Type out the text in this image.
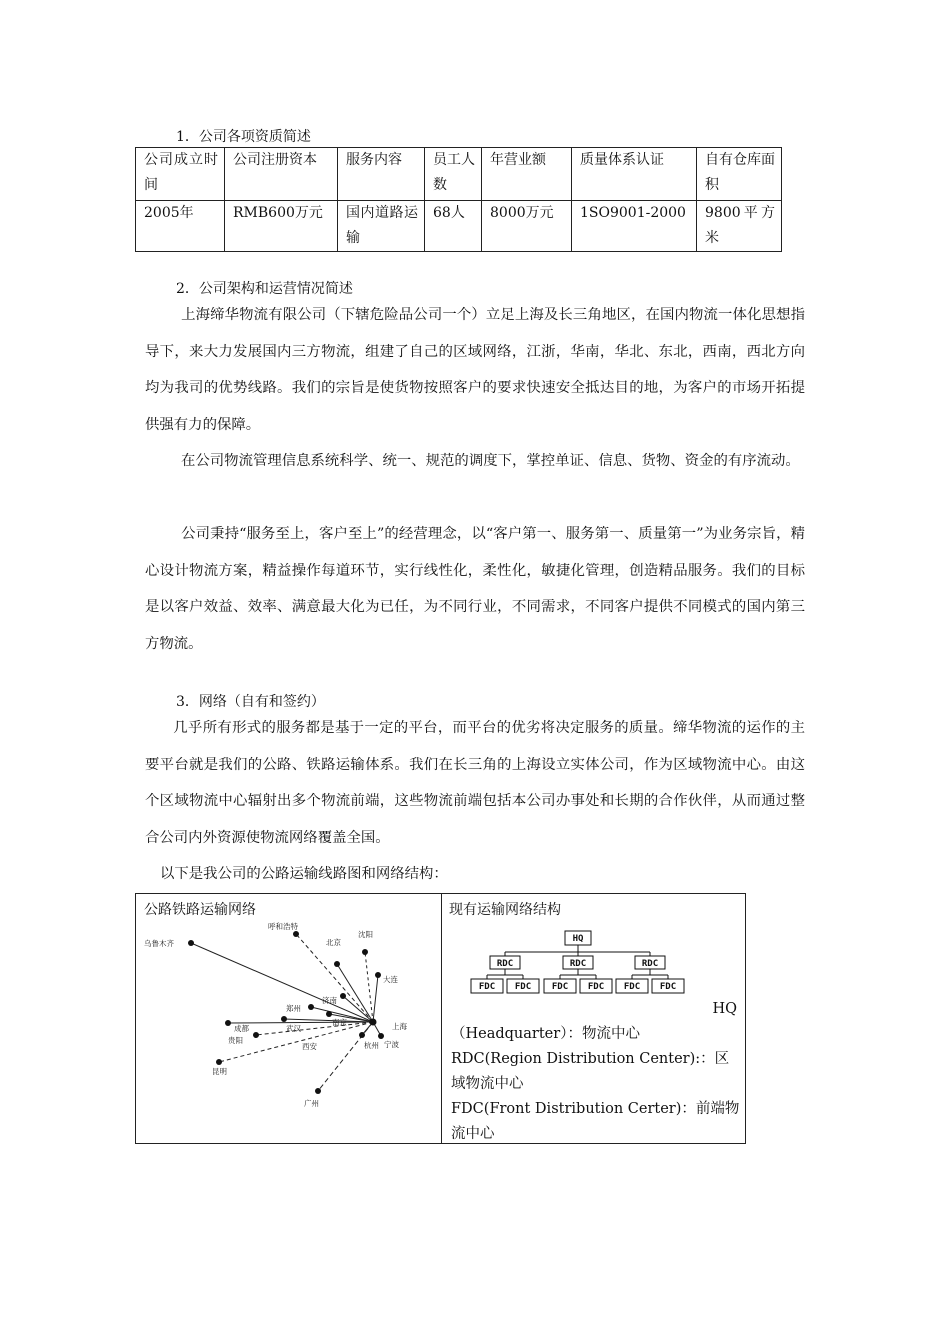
1．公司各项资质简述
公司成立时间	公司注册资本	服务内容	员工人数	年营业额	质量体系认证	自有仓库面积
2005年	RMB600万元	国内道路运输	68人	8000万元	1SO9001-2000	9800平方米
2．公司架构和运营情况简述

上海缔华物流有限公司（下辖危险品公司一个）立足上海及长三角地区，在国内物流一体化思想指导下，来大力发展国内三方物流，组建了自己的区域网络，江浙，华南，华北、东北，西南，西北方向均为我司的优势线路。我们的宗旨是使货物按照客户的要求快速安全抵达目的地，为客户的市场开拓提供强有力的保障。

在公司物流管理信息系统科学、统一、规范的调度下，掌控单证、信息、货物、资金的有序流动。

公司秉持“服务至上，客户至上”的经营理念，以“客户第一、服务第一、质量第一”为业务宗旨，精心设计物流方案，精益操作每道环节，实行线性化，柔性化，敏捷化管理，创造精品服务。我们的目标是以客户效益、效率、满意最大化为已任，为不同行业，不同需求，不同客户提供不同模式的国内第三方物流。

3．网络（自有和签约）

几乎所有形式的服务都是基于一定的平台，而平台的优劣将决定服务的质量。缔华物流的运作的主要平台就是我们的公路、铁路运输体系。我们在长三角的上海设立实体公司，作为区域物流中心。由这个区域物流中心辐射出多个物流前端，这些物流前端包括本公司办事处和长期的合作伙伴，从而通过整合公司内外资源使物流网络覆盖全国。

以下是我公司的公路运输线路图和网络结构：
公路铁路运输网络
乌鲁木齐
呼和浩特
北京
沈阳
大连
济南
郑州
成都	武汉
南京
杭州
上海
宁波
贵阳
昆明
广州
西安
现有运输网络结构
HQ
RDC	RDC	RDC
FDC FDC FDC FDC FDC FDC
HQ
（Headquarter）：物流中心
RDC(Region Distribution Center):：区域物流中心
FDC(Front Distribution Certer)：前端物流中心
